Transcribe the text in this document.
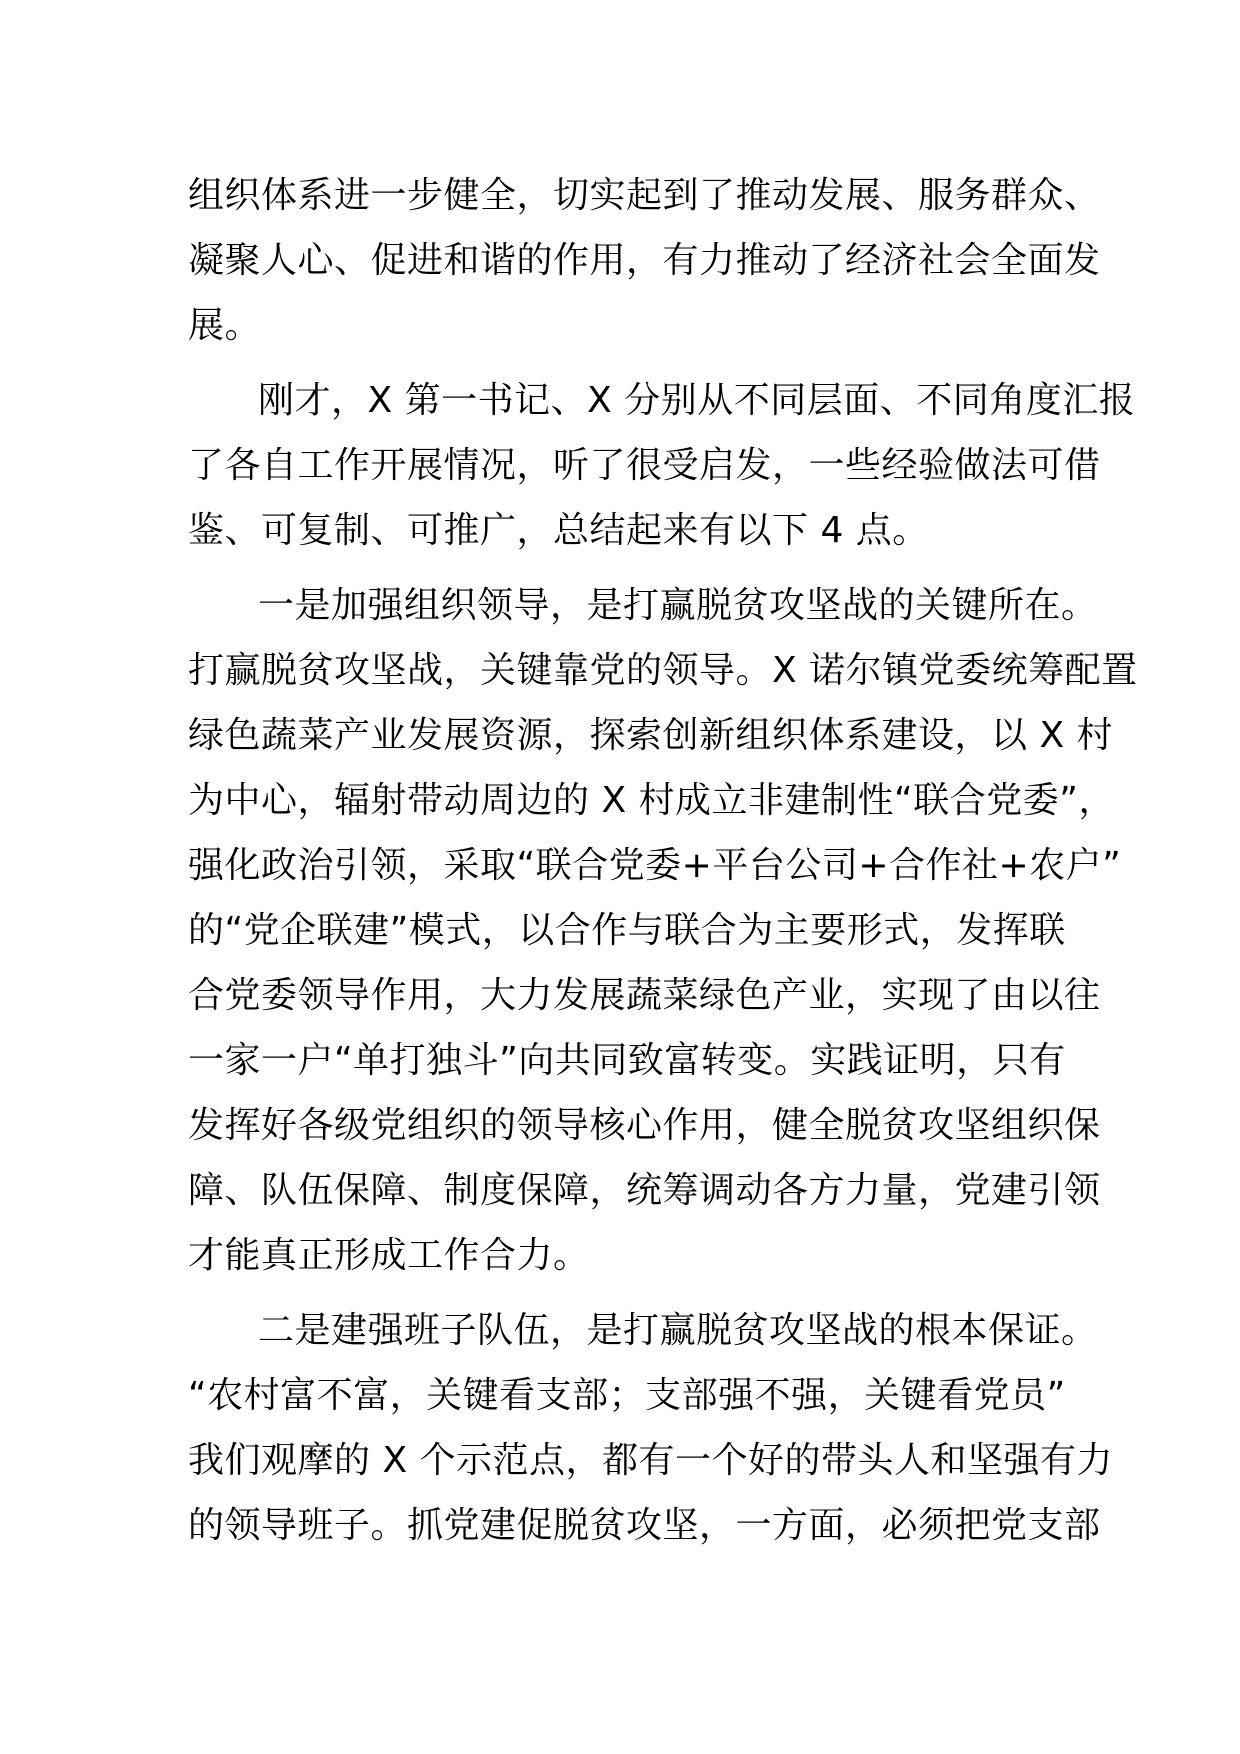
组织体系进一步健全，切实起到了推动发展、服务群众、
凝聚人心、促进和谐的作用，有力推动了经济社会全面发
展。
刚才，X 第一书记、X 分别从不同层面、不同角度汇报
了各自工作开展情况，听了很受启发，一些经验做法可借
鉴、可复制、可推广，总结起来有以下 4 点。
一是加强组织领导，是打赢脱贫攻坚战的关键所在。
打赢脱贫攻坚战，关键靠党的领导。X 诺尔镇党委统筹配置
绿色蔬菜产业发展资源，探索创新组织体系建设，以 X 村
为中心，辐射带动周边的 X 村成立非建制性“联合党委”，
强化政治引领，采取“联合党委+平台公司+合作社+农户”
的“党企联建”模式，以合作与联合为主要形式，发挥联
合党委领导作用，大力发展蔬菜绿色产业，实现了由以往
一家一户“单打独斗”向共同致富转变。实践证明，只有
发挥好各级党组织的领导核心作用，健全脱贫攻坚组织保
障、队伍保障、制度保障，统筹调动各方力量，党建引领
才能真正形成工作合力。
二是建强班子队伍，是打赢脱贫攻坚战的根本保证。
“农村富不富，关键看支部；支部强不强，关键看党员”
我们观摩的 X 个示范点，都有一个好的带头人和坚强有力
的领导班子。抓党建促脱贫攻坚，一方面，必须把党支部
